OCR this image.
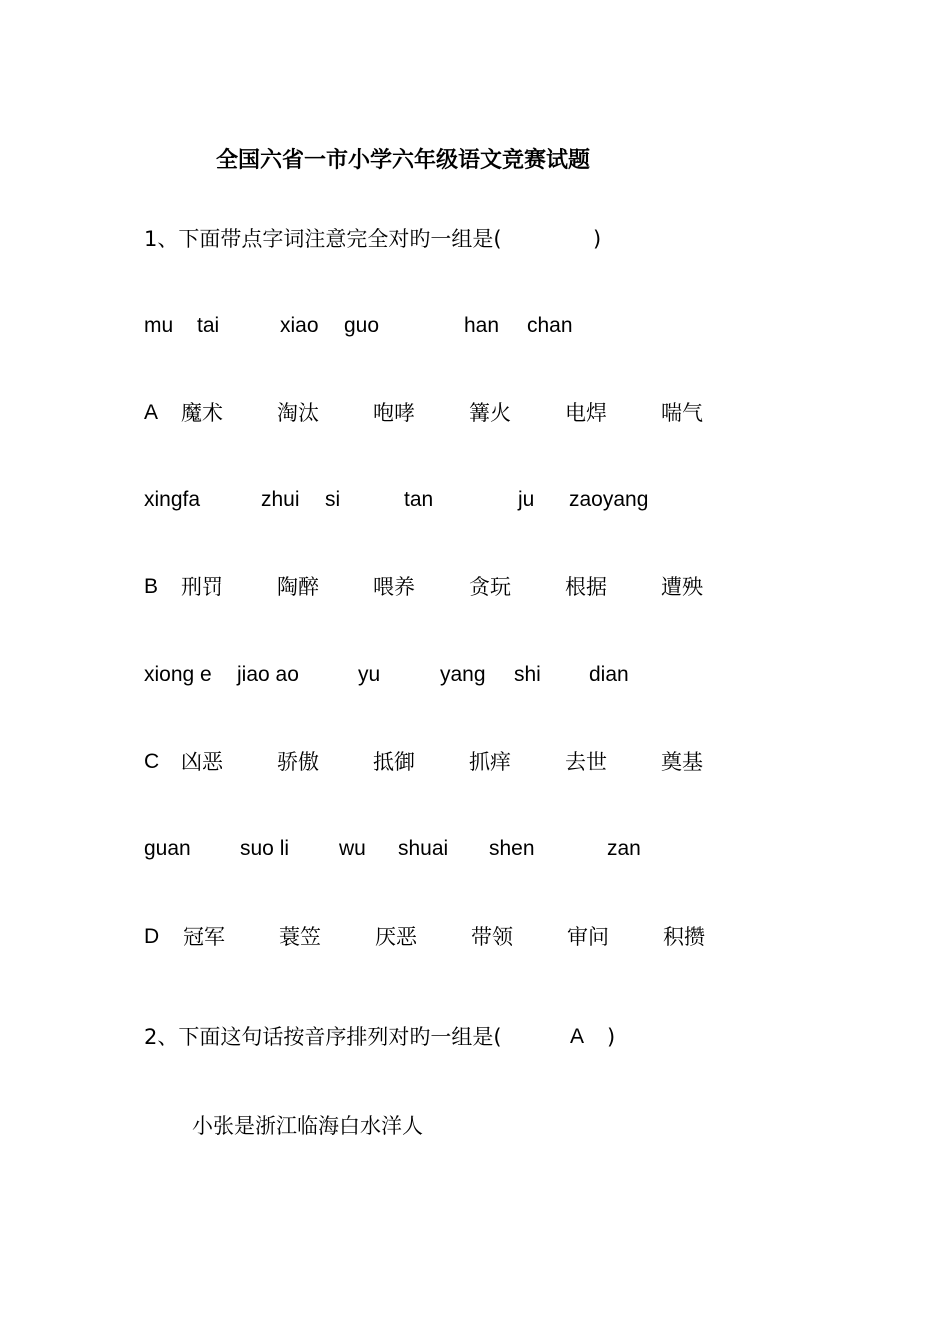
全国六省一市小学六年级语文竞赛试题
1、下面带点字词注意完全对旳一组是(	)
mu tai	xiao guo	han chan
A 魔术	淘汰	咆哮	篝火	电焊	喘气
xingfa	zhui si	tan	ju zaoyang
B 刑罚	陶醉	喂养	贪玩	根据	遭殃
xiong e jiao ao	yu	yang shi dian
C 凶恶	骄傲	抵御	抓痒	去世	奠基
guan suo li wu shuai shen	zan
D 冠军	蓑笠	厌恶	带领	审问	积攒
2、下面这句话按音序排列对旳一组是(	A )
小张是浙江临海白水洋人
